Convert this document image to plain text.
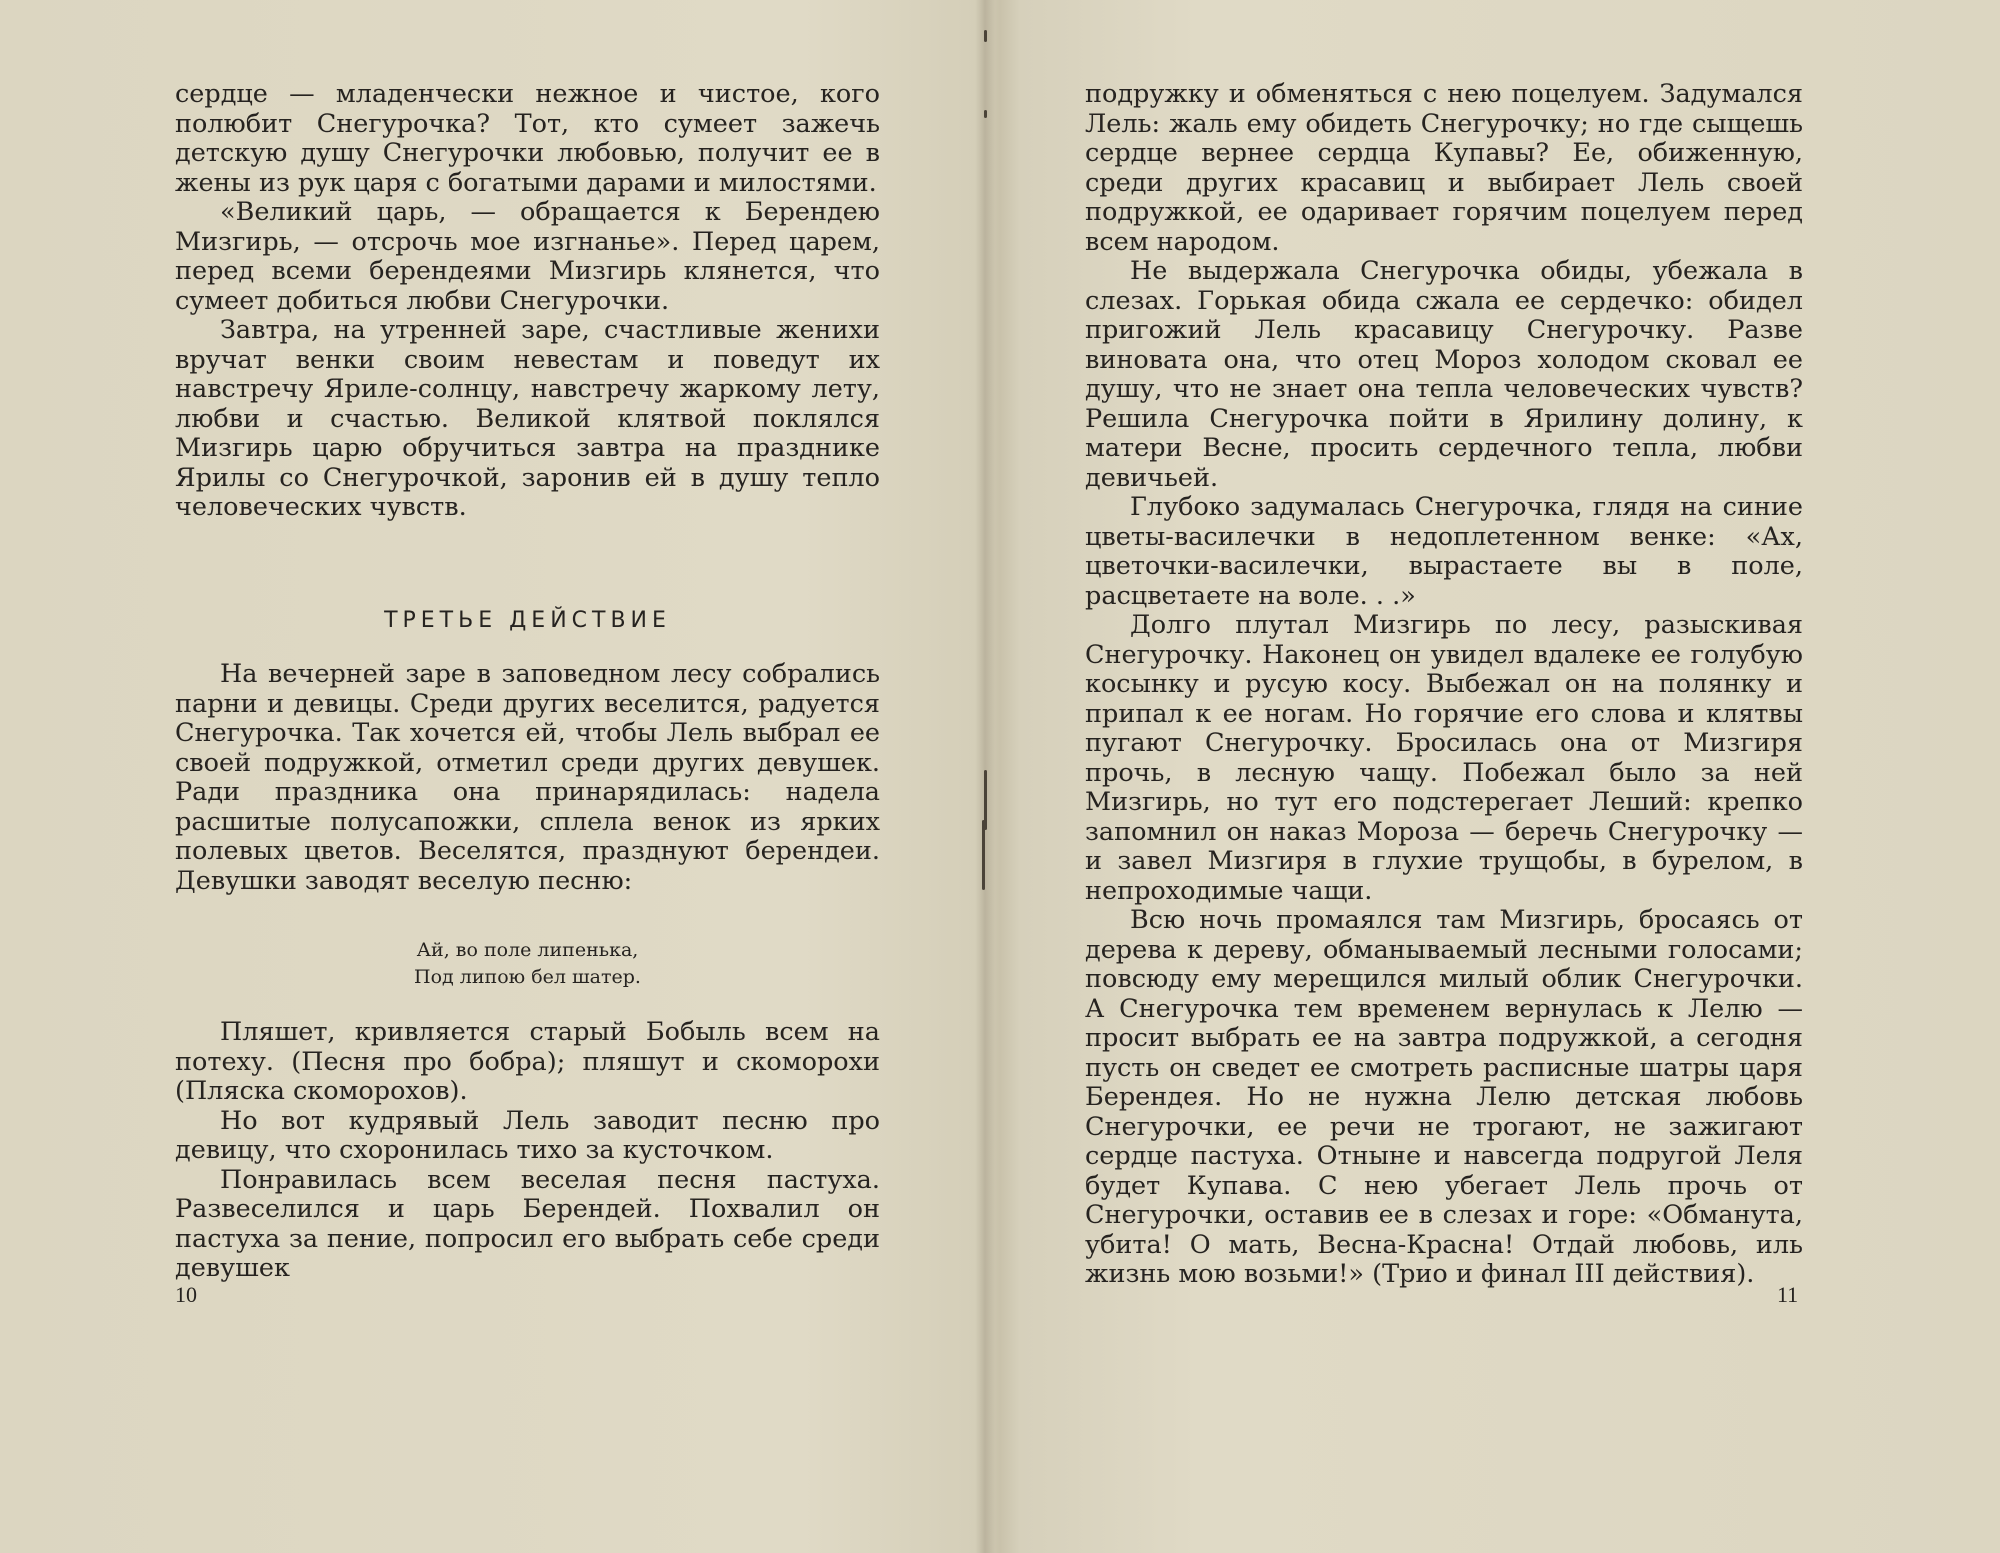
сердце — младенчески нежное и чистое, кого полюбит Снегурочка? Тот, кто сумеет зажечь детскую душу Снегурочки любовью, получит ее в жены из рук царя с богатыми дарами и милостями.

«Великий царь, — обращается к Берендею Мизгирь, — отсрочь мое изгнанье». Перед царем, перед всеми берендеями Мизгирь клянется, что сумеет добиться любви Снегурочки.

Завтра, на утренней заре, счастливые женихи вручат венки своим невестам и поведут их навстречу Яриле-солнцу, навстречу жаркому лету, любви и счастью. Великой клятвой поклялся Мизгирь царю обручиться завтра на празднике Ярилы со Снегурочкой, заронив ей в душу тепло человеческих чувств.

ТРЕТЬЕ ДЕЙСТВИЕ

На вечерней заре в заповедном лесу собрались парни и девицы. Среди других веселится, радуется Снегурочка. Так хочется ей, чтобы Лель выбрал ее своей подружкой, отметил среди других девушек. Ради праздника она принарядилась: надела расшитые полусапожки, сплела венок из ярких полевых цветов. Веселятся, празднуют берендеи. Девушки заводят веселую песню:

Ай, во поле липенька,
Под липою бел шатер.

Пляшет, кривляется старый Бобыль всем на потеху. (Песня про бобра); пляшут и скоморохи (Пляска скоморохов).

Но вот кудрявый Лель заводит песню про девицу, что схоронилась тихо за кусточком.

Понравилась всем веселая песня пастуха. Развеселился и царь Берендей. Похвалил он пастуха за пение, попросил его выбрать себе среди девушек

10

подружку и обменяться с нею поцелуем. Задумался Лель: жаль ему обидеть Снегурочку; но где сыщешь сердце вернее сердца Купавы? Ее, обиженную, среди других красавиц и выбирает Лель своей подружкой, ее одаривает горячим поцелуем перед всем народом.

Не выдержала Снегурочка обиды, убежала в слезах. Горькая обида сжала ее сердечко: обидел пригожий Лель красавицу Снегурочку. Разве виновата она, что отец Мороз холодом сковал ее душу, что не знает она тепла человеческих чувств? Решила Снегурочка пойти в Ярилину долину, к матери Весне, просить сердечного тепла, любви девичьей.

Глубоко задумалась Снегурочка, глядя на синие цветы-василечки в недоплетенном венке: «Ах, цветочки-василечки, вырастаете вы в поле, расцветаете на воле. . .»

Долго плутал Мизгирь по лесу, разыскивая Снегурочку. Наконец он увидел вдалеке ее голубую косынку и русую косу. Выбежал он на полянку и припал к ее ногам. Но горячие его слова и клятвы пугают Снегурочку. Бросилась она от Мизгиря прочь, в лесную чащу. Побежал было за ней Мизгирь, но тут его подстерегает Леший: крепко запомнил он наказ Мороза — беречь Снегурочку — и завел Мизгиря в глухие трущобы, в бурелом, в непроходимые чащи.

Всю ночь промаялся там Мизгирь, бросаясь от дерева к дереву, обманываемый лесными голосами; повсюду ему мерещился милый облик Снегурочки. А Снегурочка тем временем вернулась к Лелю — просит выбрать ее на завтра подружкой, а сегодня пусть он сведет ее смотреть расписные шатры царя Берендея. Но не нужна Лелю детская любовь Снегурочки, ее речи не трогают, не зажигают сердце пастуха. Отныне и навсегда подругой Леля будет Купава. С нею убегает Лель прочь от Снегурочки, оставив ее в слезах и горе: «Обманута, убита! О мать, Весна-Красна! Отдай любовь, иль жизнь мою возьми!» (Трио и финал III действия).

11
